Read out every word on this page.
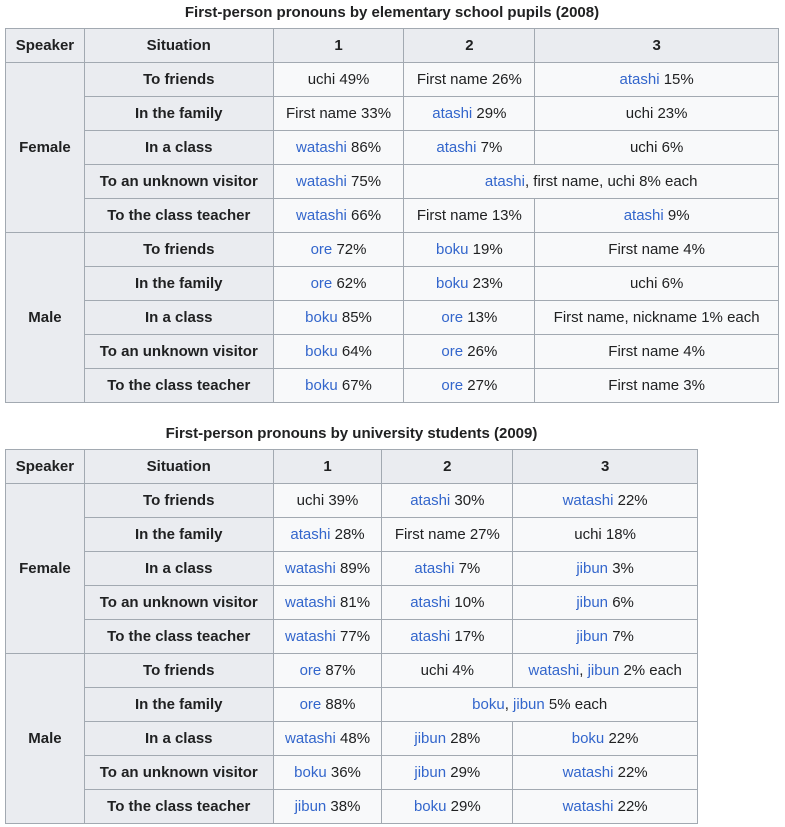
First-person pronouns by elementary school pupils (2008)
Speaker	Situation	1	2	3
Female	To friends	uchi 49%	First name 26%	atashi 15%
	In the family	First name 33%	atashi 29%	uchi 23%
	In a class	watashi 86%	atashi 7%	uchi 6%
	To an unknown visitor	watashi 75%	atashi, first name, uchi 8% each	
	To the class teacher	watashi 66%	First name 13%	atashi 9%
Male	To friends	ore 72%	boku 19%	First name 4%
	In the family	ore 62%	boku 23%	uchi 6%
	In a class	boku 85%	ore 13%	First name, nickname 1% each
	To an unknown visitor	boku 64%	ore 26%	First name 4%
	To the class teacher	boku 67%	ore 27%	First name 3%
First-person pronouns by university students (2009)
Speaker	Situation	1	2	3
Female	To friends	uchi 39%	atashi 30%	watashi 22%
	In the family	atashi 28%	First name 27%	uchi 18%
	In a class	watashi 89%	atashi 7%	jibun 3%
	To an unknown visitor	watashi 81%	atashi 10%	jibun 6%
	To the class teacher	watashi 77%	atashi 17%	jibun 7%
Male	To friends	ore 87%	uchi 4%	watashi, jibun 2% each
	In the family	ore 88%	boku, jibun 5% each	
	In a class	watashi 48%	jibun 28%	boku 22%
	To an unknown visitor	boku 36%	jibun 29%	watashi 22%
	To the class teacher	jibun 38%	boku 29%	watashi 22%
